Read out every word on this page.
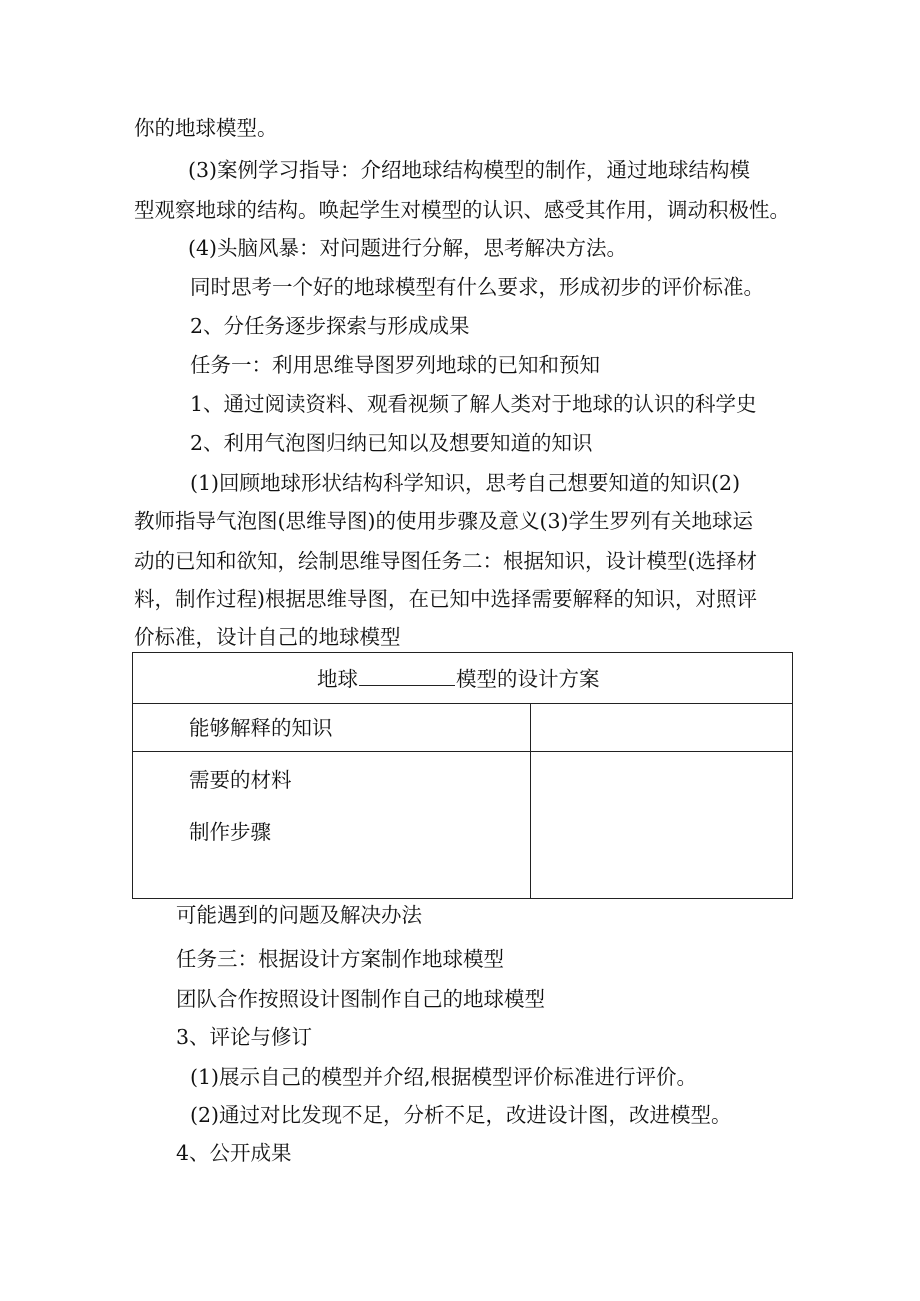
你的地球模型。
(3)案例学习指导：介绍地球结构模型的制作，通过地球结构模
型观察地球的结构。唤起学生对模型的认识、感受其作用，调动积极性。
(4)头脑风暴：对问题进行分解，思考解决方法。
同时思考一个好的地球模型有什么要求，形成初步的评价标准。
2、分任务逐步探索与形成成果
任务一：利用思维导图罗列地球的已知和预知
1、通过阅读资料、观看视频了解人类对于地球的认识的科学史
2、利用气泡图归纳已知以及想要知道的知识
(1)回顾地球形状结构科学知识，思考自己想要知道的知识(2)
教师指导气泡图(思维导图)的使用步骤及意义(3)学生罗列有关地球运
动的已知和欲知，绘制思维导图任务二：根据知识，设计模型(选择材
料，制作过程)根据思维导图，在已知中选择需要解释的知识，对照评
价标准，设计自己的地球模型
地球	模型的设计方案
能够解释的知识
需要的材料
制作步骤
可能遇到的问题及解决办法
任务三：根据设计方案制作地球模型
团队合作按照设计图制作自己的地球模型
3、评论与修订
(1)展示自己的模型并介绍,根据模型评价标准进行评价。
(2)通过对比发现不足，分析不足，改进设计图，改进模型。
4、公开成果
